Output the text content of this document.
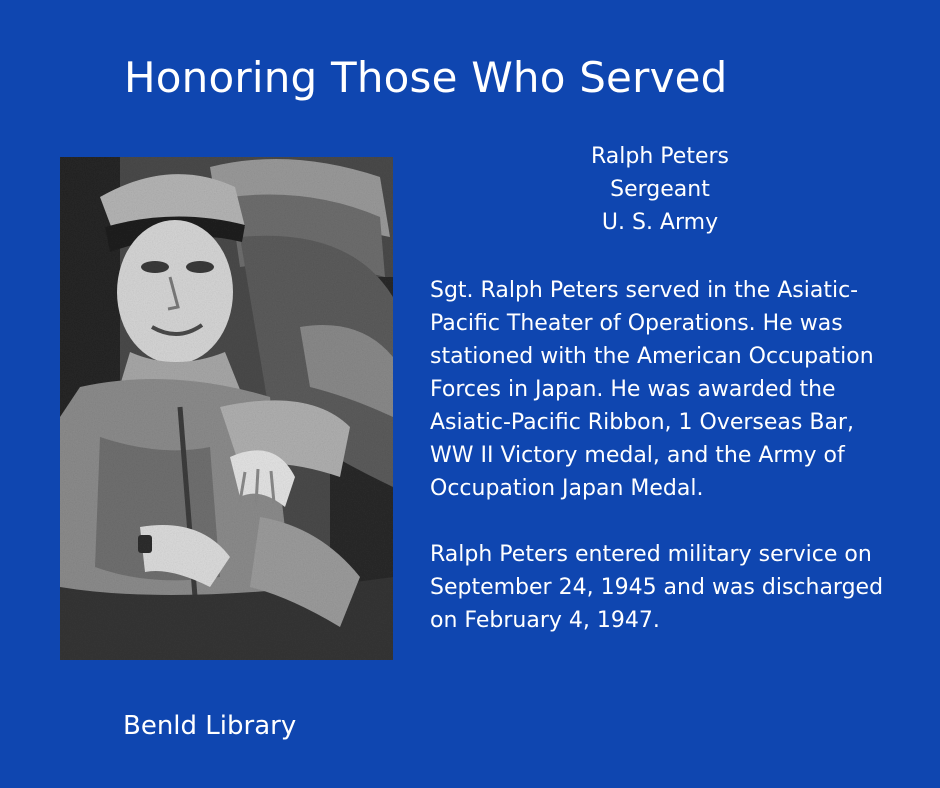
Honoring Those Who Served
Ralph Peters
Sergeant
U. S. Army

Sgt. Ralph Peters served in the Asiatic-Pacific Theater of Operations. He was stationed with the American Occupation Forces in Japan. He was awarded the Asiatic-Pacific Ribbon, 1 Overseas Bar, WW II Victory medal, and the Army of Occupation Japan Medal.

Ralph Peters entered military service on September 24, 1945 and was discharged on February 4, 1947.

Benld Library
